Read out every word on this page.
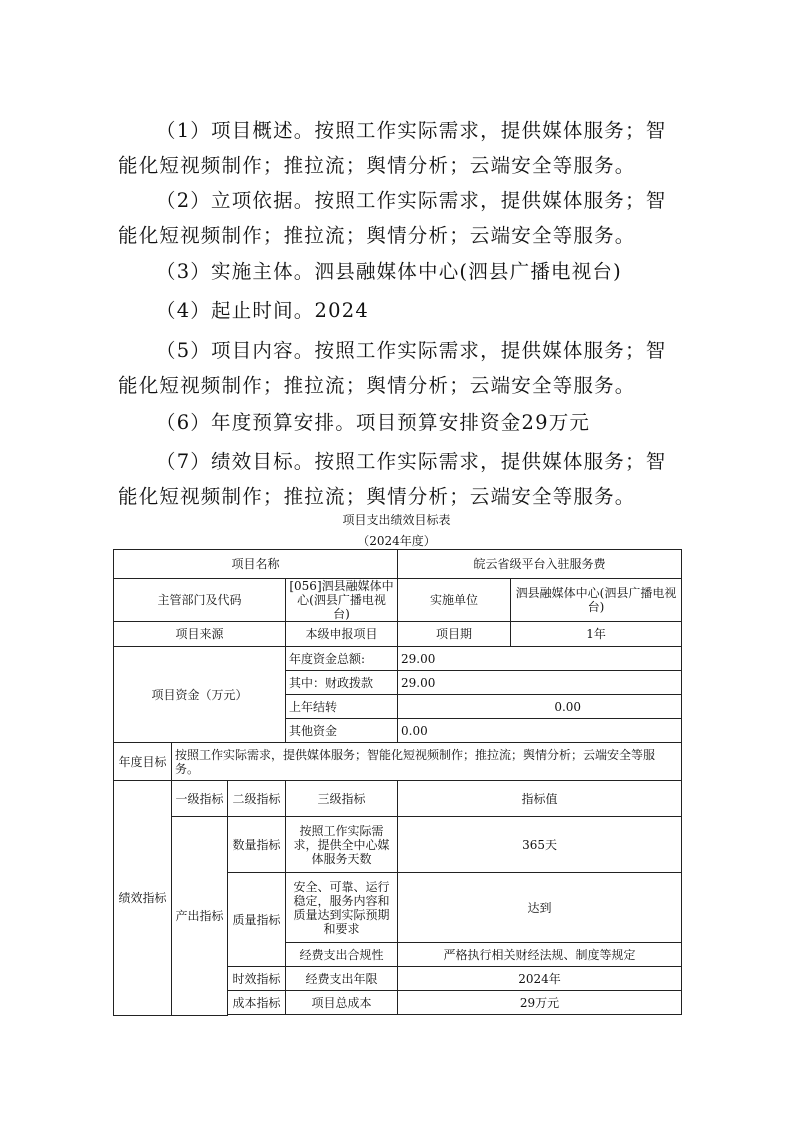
（1）项目概述。按照工作实际需求，提供媒体服务；智
能化短视频制作；推拉流；舆情分析；云端安全等服务。

（2）立项依据。按照工作实际需求，提供媒体服务；智
能化短视频制作；推拉流；舆情分析；云端安全等服务。

（3）实施主体。泗县融媒体中心(泗县广播电视台)

（4）起止时间。2024

（5）项目内容。按照工作实际需求，提供媒体服务；智
能化短视频制作；推拉流；舆情分析；云端安全等服务。

（6）年度预算安排。项目预算安排资金29万元

（7）绩效目标。按照工作实际需求，提供媒体服务；智
能化短视频制作；推拉流；舆情分析；云端安全等服务。

项目支出绩效目标表
（2024年度）
项目名称				皖云省级平台入驻服务费	
主管部门及代码			[056]泗县融媒体中心(泗县广播电视台)	实施单位	泗县融媒体中心(泗县广播电视台)
项目来源			本级申报项目	项目期	1年
项目资金（万元）			年度资金总额:	29.00	
			其中：财政拨款	29.00	
			上年结转	0.00	
			其他资金	0.00	
年度目标	按照工作实际需求，提供媒体服务；智能化短视频制作；推拉流；舆情分析；云端安全等服务。				
绩效指标	一级指标	二级指标	三级指标	指标值	
	产出指标	数量指标	按照工作实际需求，提供全中心媒体服务天数	365天	
		质量指标	安全、可靠、运行稳定，服务内容和质量达到实际预期和要求	达到	
			经费支出合规性	严格执行相关财经法规、制度等规定	
		时效指标	经费支出年限	2024年	
		成本指标	项目总成本	29万元	
